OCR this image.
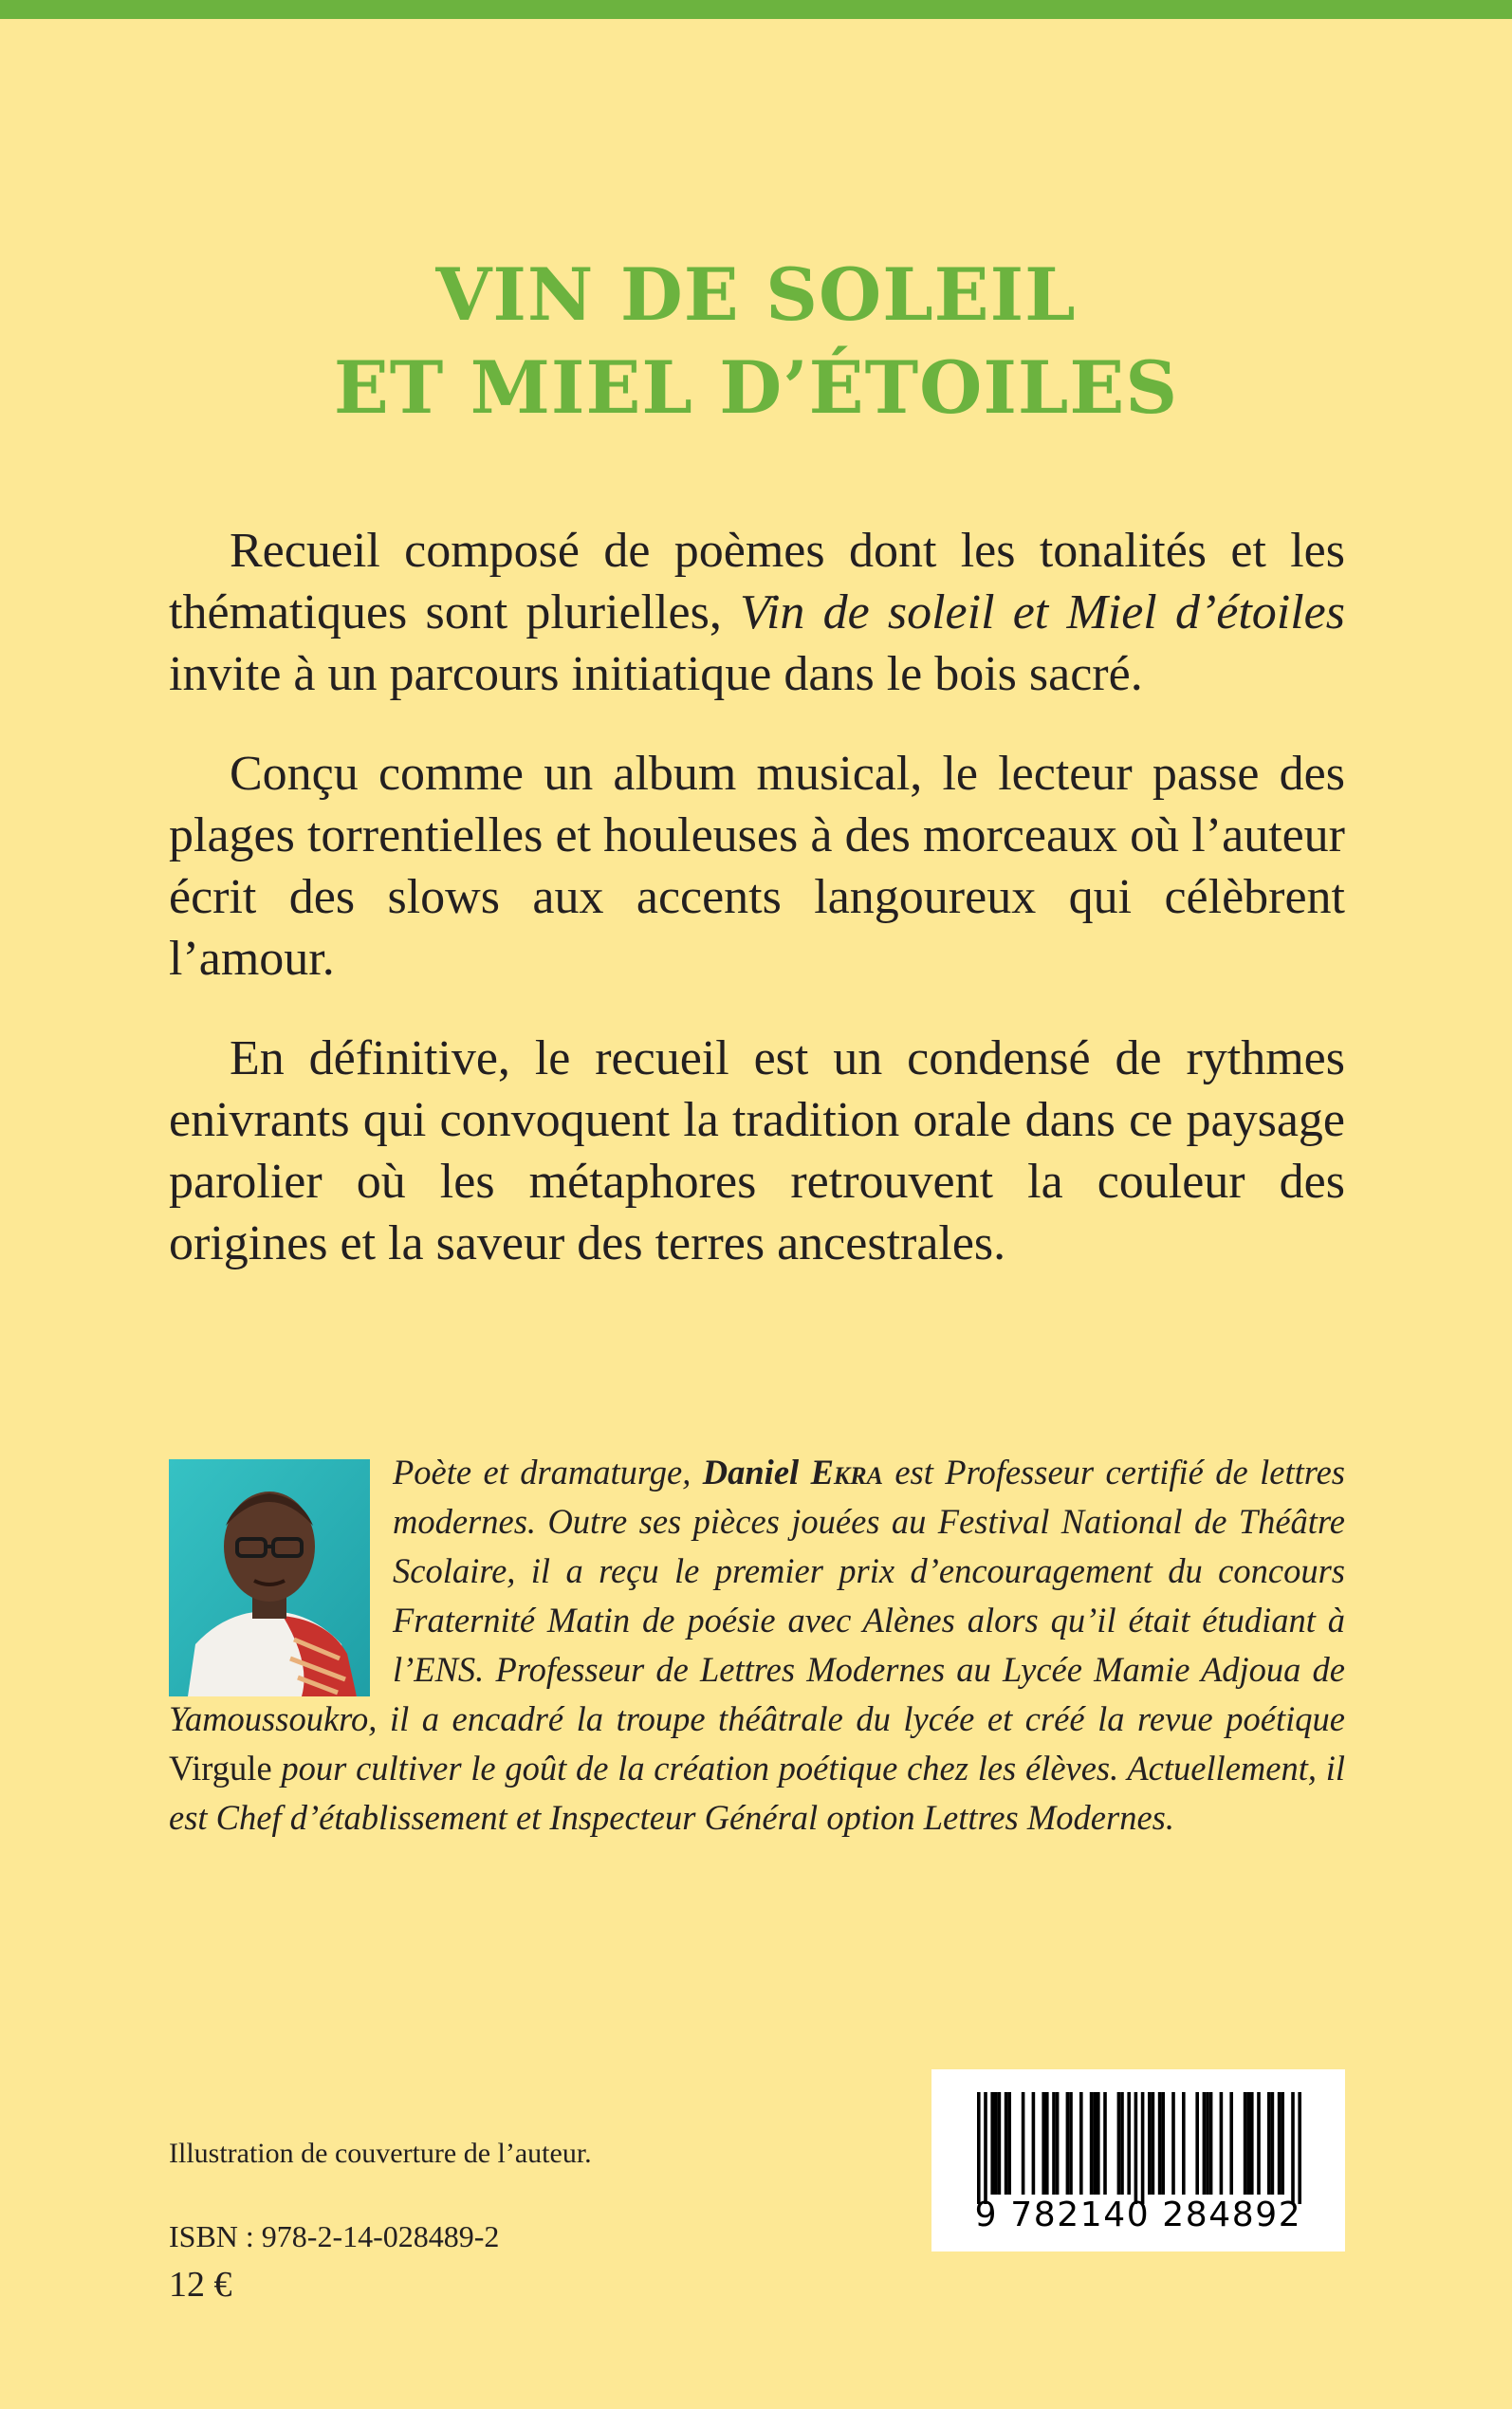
VIN DE SOLEIL
ET MIEL D’ÉTOILES

Recueil composé de poèmes dont les tonalités et les thématiques sont plurielles, Vin de soleil et Miel d’étoiles invite à un parcours initiatique dans le bois sacré.

Conçu comme un album musical, le lecteur passe des plages torrentielles et houleuses à des morceaux où l’auteur écrit des slows aux accents langoureux qui célèbrent l’amour.

En définitive, le recueil est un condensé de rythmes enivrants qui convoquent la tradition orale dans ce paysage parolier où les métaphores retrouvent la couleur des origines et la saveur des terres ancestrales.

Poète et dramaturge, Daniel Ekra est Professeur certifié de lettres modernes. Outre ses pièces jouées au Festival National de Théâtre Scolaire, il a reçu le premier prix d’encouragement du concours Fraternité Matin de poésie avec Alènes alors qu’il était étudiant à l’ENS. Professeur de Lettres Modernes au Lycée Mamie Adjoua de Yamoussoukro, il a encadré la troupe théâtrale du lycée et créé la revue poétique Virgule pour cultiver le goût de la création poétique chez les élèves. Actuellement, il est Chef d’établissement et Inspecteur Général option Lettres Modernes.
Illustration de couverture de l’auteur.
ISBN : 978-2-14-028489-2
12 €
9 782140 284892
